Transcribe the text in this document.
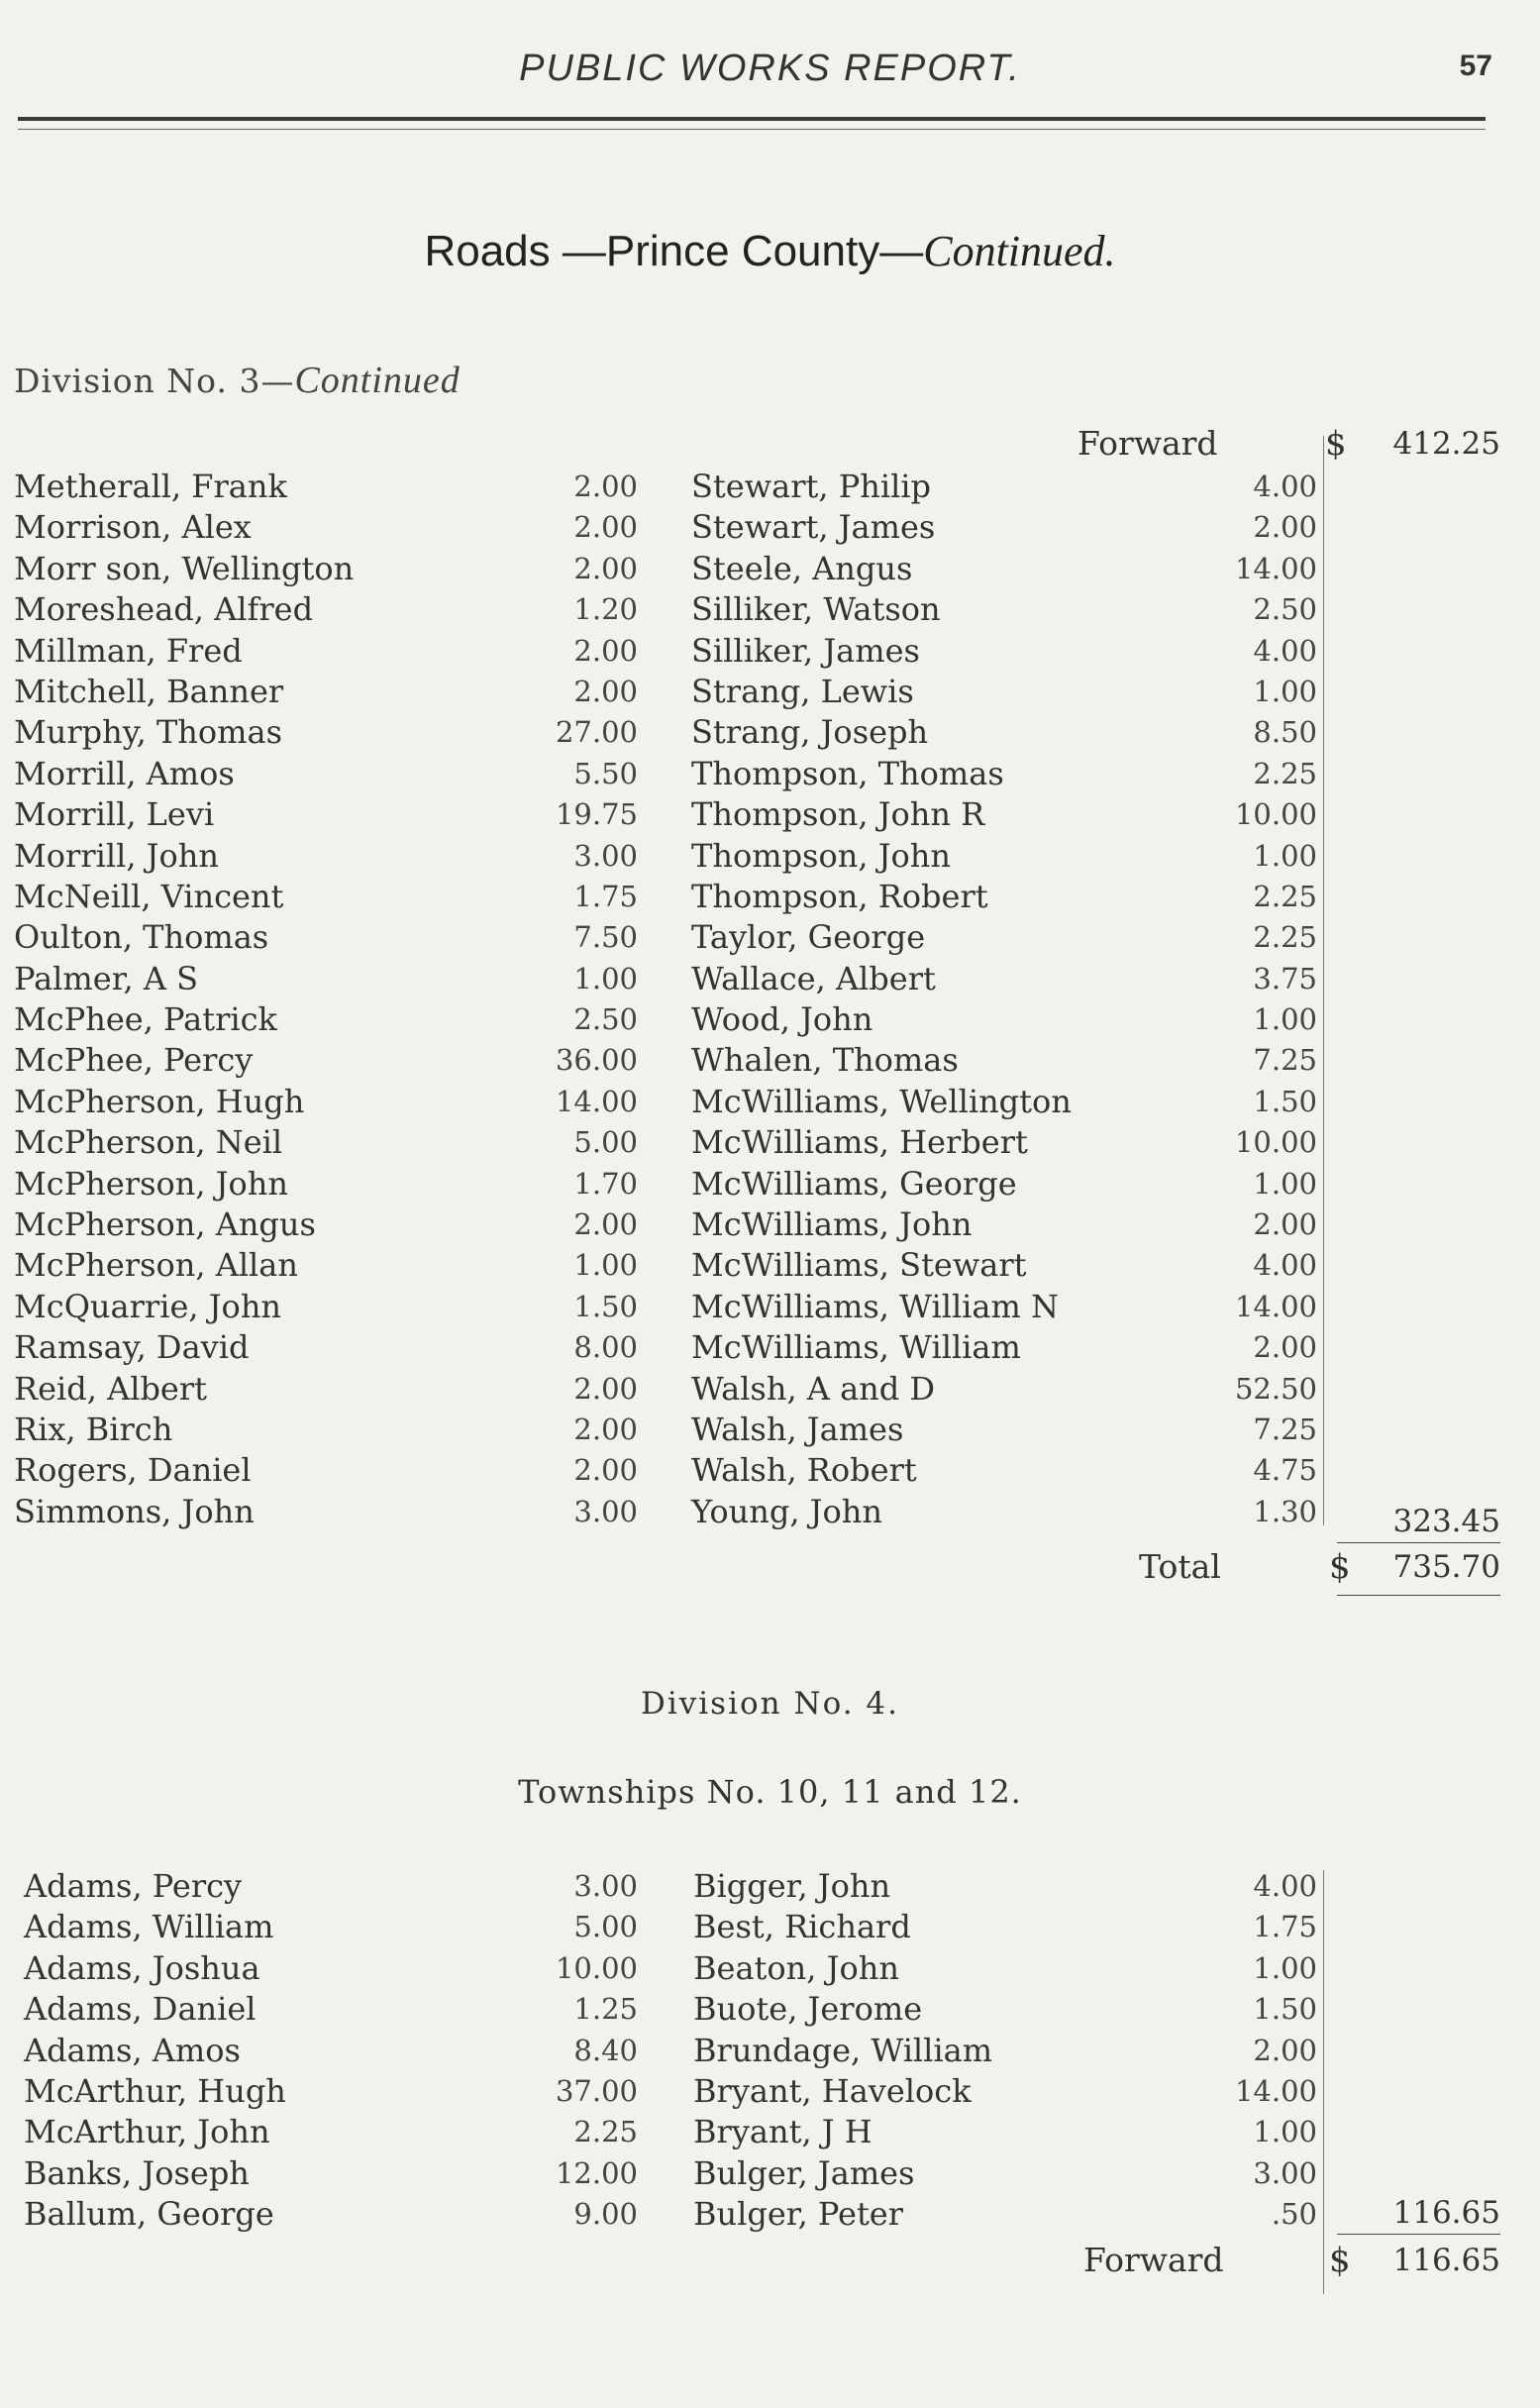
PUBLIC WORKS REPORT.	57
Roads —Prince County—Continued.
Division No. 3—Continued
Forward	$	412.25
Metherall, Frank	2.00
Morrison, Alex	2.00
Morr son, Wellington	2.00
Moreshead, Alfred	1.20
Millman, Fred	2.00
Mitchell, Banner	2.00
Murphy, Thomas	27.00
Morrill, Amos	5.50
Morrill, Levi	19.75
Morrill, John	3.00
McNeill, Vincent	1.75
Oulton, Thomas	7.50
Palmer, A S	1.00
McPhee, Patrick	2.50
McPhee, Percy	36.00
McPherson, Hugh	14.00
McPherson, Neil	5.00
McPherson, John	1.70
McPherson, Angus	2.00
McPherson, Allan	1.00
McQuarrie, John	1.50
Ramsay, David	8.00
Reid, Albert	2.00
Rix, Birch	2.00
Rogers, Daniel	2.00
Simmons, John	3.00
Stewart, Philip	4.00
Stewart, James	2.00
Steele, Angus	14.00
Silliker, Watson	2.50
Silliker, James	4.00
Strang, Lewis	1.00
Strang, Joseph	8.50
Thompson, Thomas	2.25
Thompson, John R	10.00
Thompson, John	1.00
Thompson, Robert	2.25
Taylor, George	2.25
Wallace, Albert	3.75
Wood, John	1.00
Whalen, Thomas	7.25
McWilliams, Wellington	1.50
McWilliams, Herbert	10.00
McWilliams, George	1.00
McWilliams, John	2.00
McWilliams, Stewart	4.00
McWilliams, William N	14.00
McWilliams, William	2.00
Walsh, A and D	52.50
Walsh, James	7.25
Walsh, Robert	4.75
Young, John	1.30	323.45
Total	$	735.70
Division No. 4.
Townships No. 10, 11 and 12.
Adams, Percy	3.00
Adams, William	5.00
Adams, Joshua	10.00
Adams, Daniel	1.25
Adams, Amos	8.40
McArthur, Hugh	37.00
McArthur, John	2.25
Banks, Joseph	12.00
Ballum, George	9.00
Bigger, John	4.00
Best, Richard	1.75
Beaton, John	1.00
Buote, Jerome	1.50
Brundage, William	2.00
Bryant, Havelock	14.00
Bryant, J H	1.00
Bulger, James	3.00
Bulger, Peter	.50	116.65
Forward	$	116.65
